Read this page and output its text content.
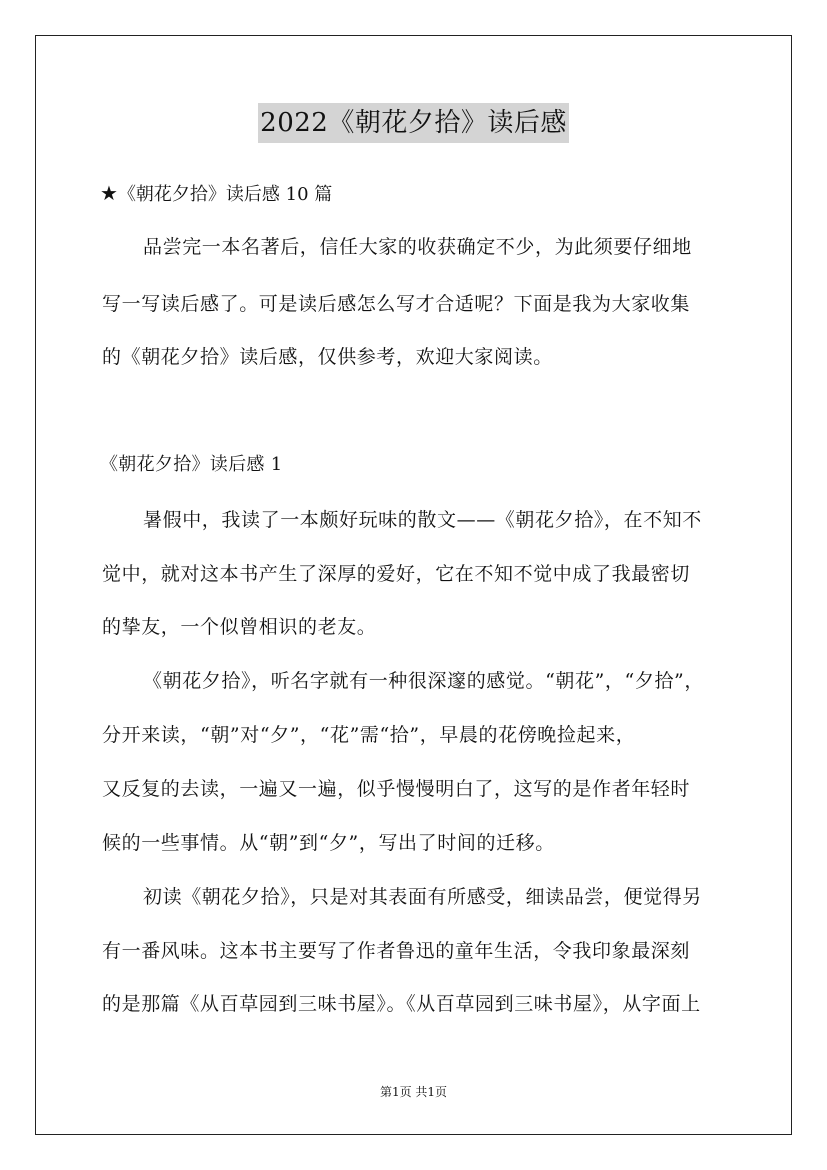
2022《朝花夕拾》读后感
★《朝花夕拾》读后感 10 篇
品尝完一本名著后，信任大家的收获确定不少，为此须要仔细地
写一写读后感了。可是读后感怎么写才合适呢？下面是我为大家收集
的《朝花夕拾》读后感，仅供参考，欢迎大家阅读。
《朝花夕拾》读后感 1
暑假中，我读了一本颇好玩味的散文——《朝花夕拾》，在不知不
觉中，就对这本书产生了深厚的爱好，它在不知不觉中成了我最密切
的挚友，一个似曾相识的老友。
《朝花夕拾》，听名字就有一种很深邃的感觉。“朝花”，“夕拾”，
分开来读，“朝”对“夕”，“花”需“拾”，早晨的花傍晚捡起来，
又反复的去读，一遍又一遍，似乎慢慢明白了，这写的是作者年轻时
候的一些事情。从“朝”到“夕”，写出了时间的迁移。
初读《朝花夕拾》，只是对其表面有所感受，细读品尝，便觉得另
有一番风味。这本书主要写了作者鲁迅的童年生活，令我印象最深刻
的是那篇《从百草园到三味书屋》。《从百草园到三味书屋》，从字面上
第1页 共1页
